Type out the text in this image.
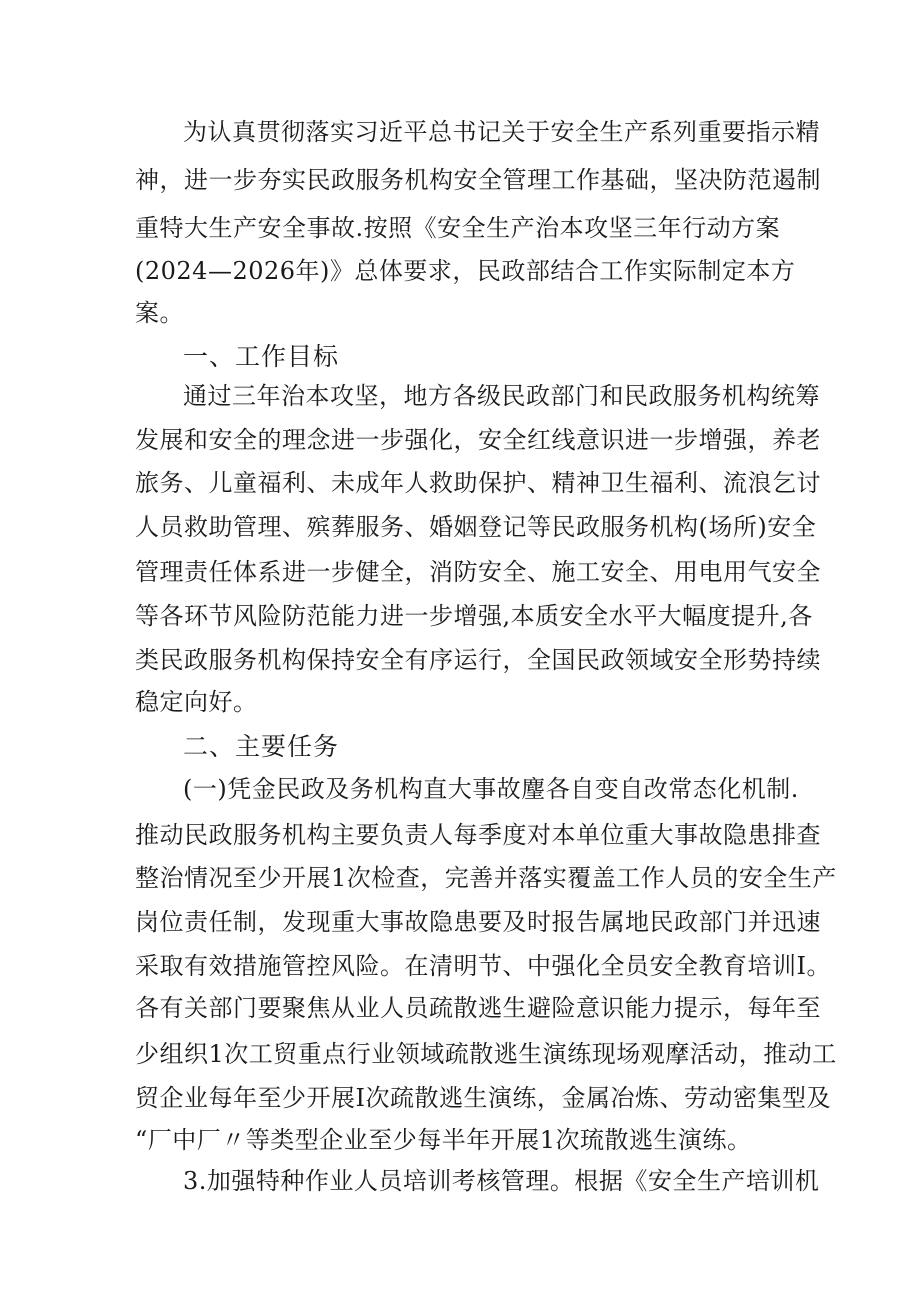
为认真贯彻落实习近平总书记关于安全生产系列重要指示精
神，进一步夯实民政服务机构安全管理工作基础，坚决防范遏制
重特大生产安全事故.按照《安全生产治本攻坚三年行动方案
(2024—2026年)》总体要求，民政部结合工作实际制定本方
案。
一、工作目标
通过三年治本攻坚，地方各级民政部门和民政服务机构统筹
发展和安全的理念进一步强化，安全红线意识进一步增强，养老
旅务、儿童福利、未成年人救助保护、精神卫生福利、流浪乞讨
人员救助管理、殡葬服务、婚姻登记等民政服务机构(场所)安全
管理责任体系进一步健全，消防安全、施工安全、用电用气安全
等各环节风险防范能力进一步增强,本质安全水平大幅度提升,各
类民政服务机构保持安全有序运行，全国民政领域安全形势持续
稳定向好。
二、主要任务
(一)凭金民政及务机构直大事故麈各自变自改常态化机制.
推动民政服务机构主要负责人每季度对本单位重大事故隐患排查
整治情况至少开展1次检查，完善并落实覆盖工作人员的安全生产
岗位责任制，发现重大事故隐患要及时报告属地民政部门并迅速
采取有效措施管控风险。在清明节、中强化全员安全教育培训I。
各有关部门要聚焦从业人员疏散逃生避险意识能力提示，每年至
少组织1次工贸重点行业领域疏散逃生演练现场观摩活动，推动工
贸企业每年至少开展I次疏散逃生演练，金属冶炼、劳动密集型及
“厂中厂〃等类型企业至少每半年开展1次琉散逃生演练。
3.加强特种作业人员培训考核管理。根据《安全生产培训机
